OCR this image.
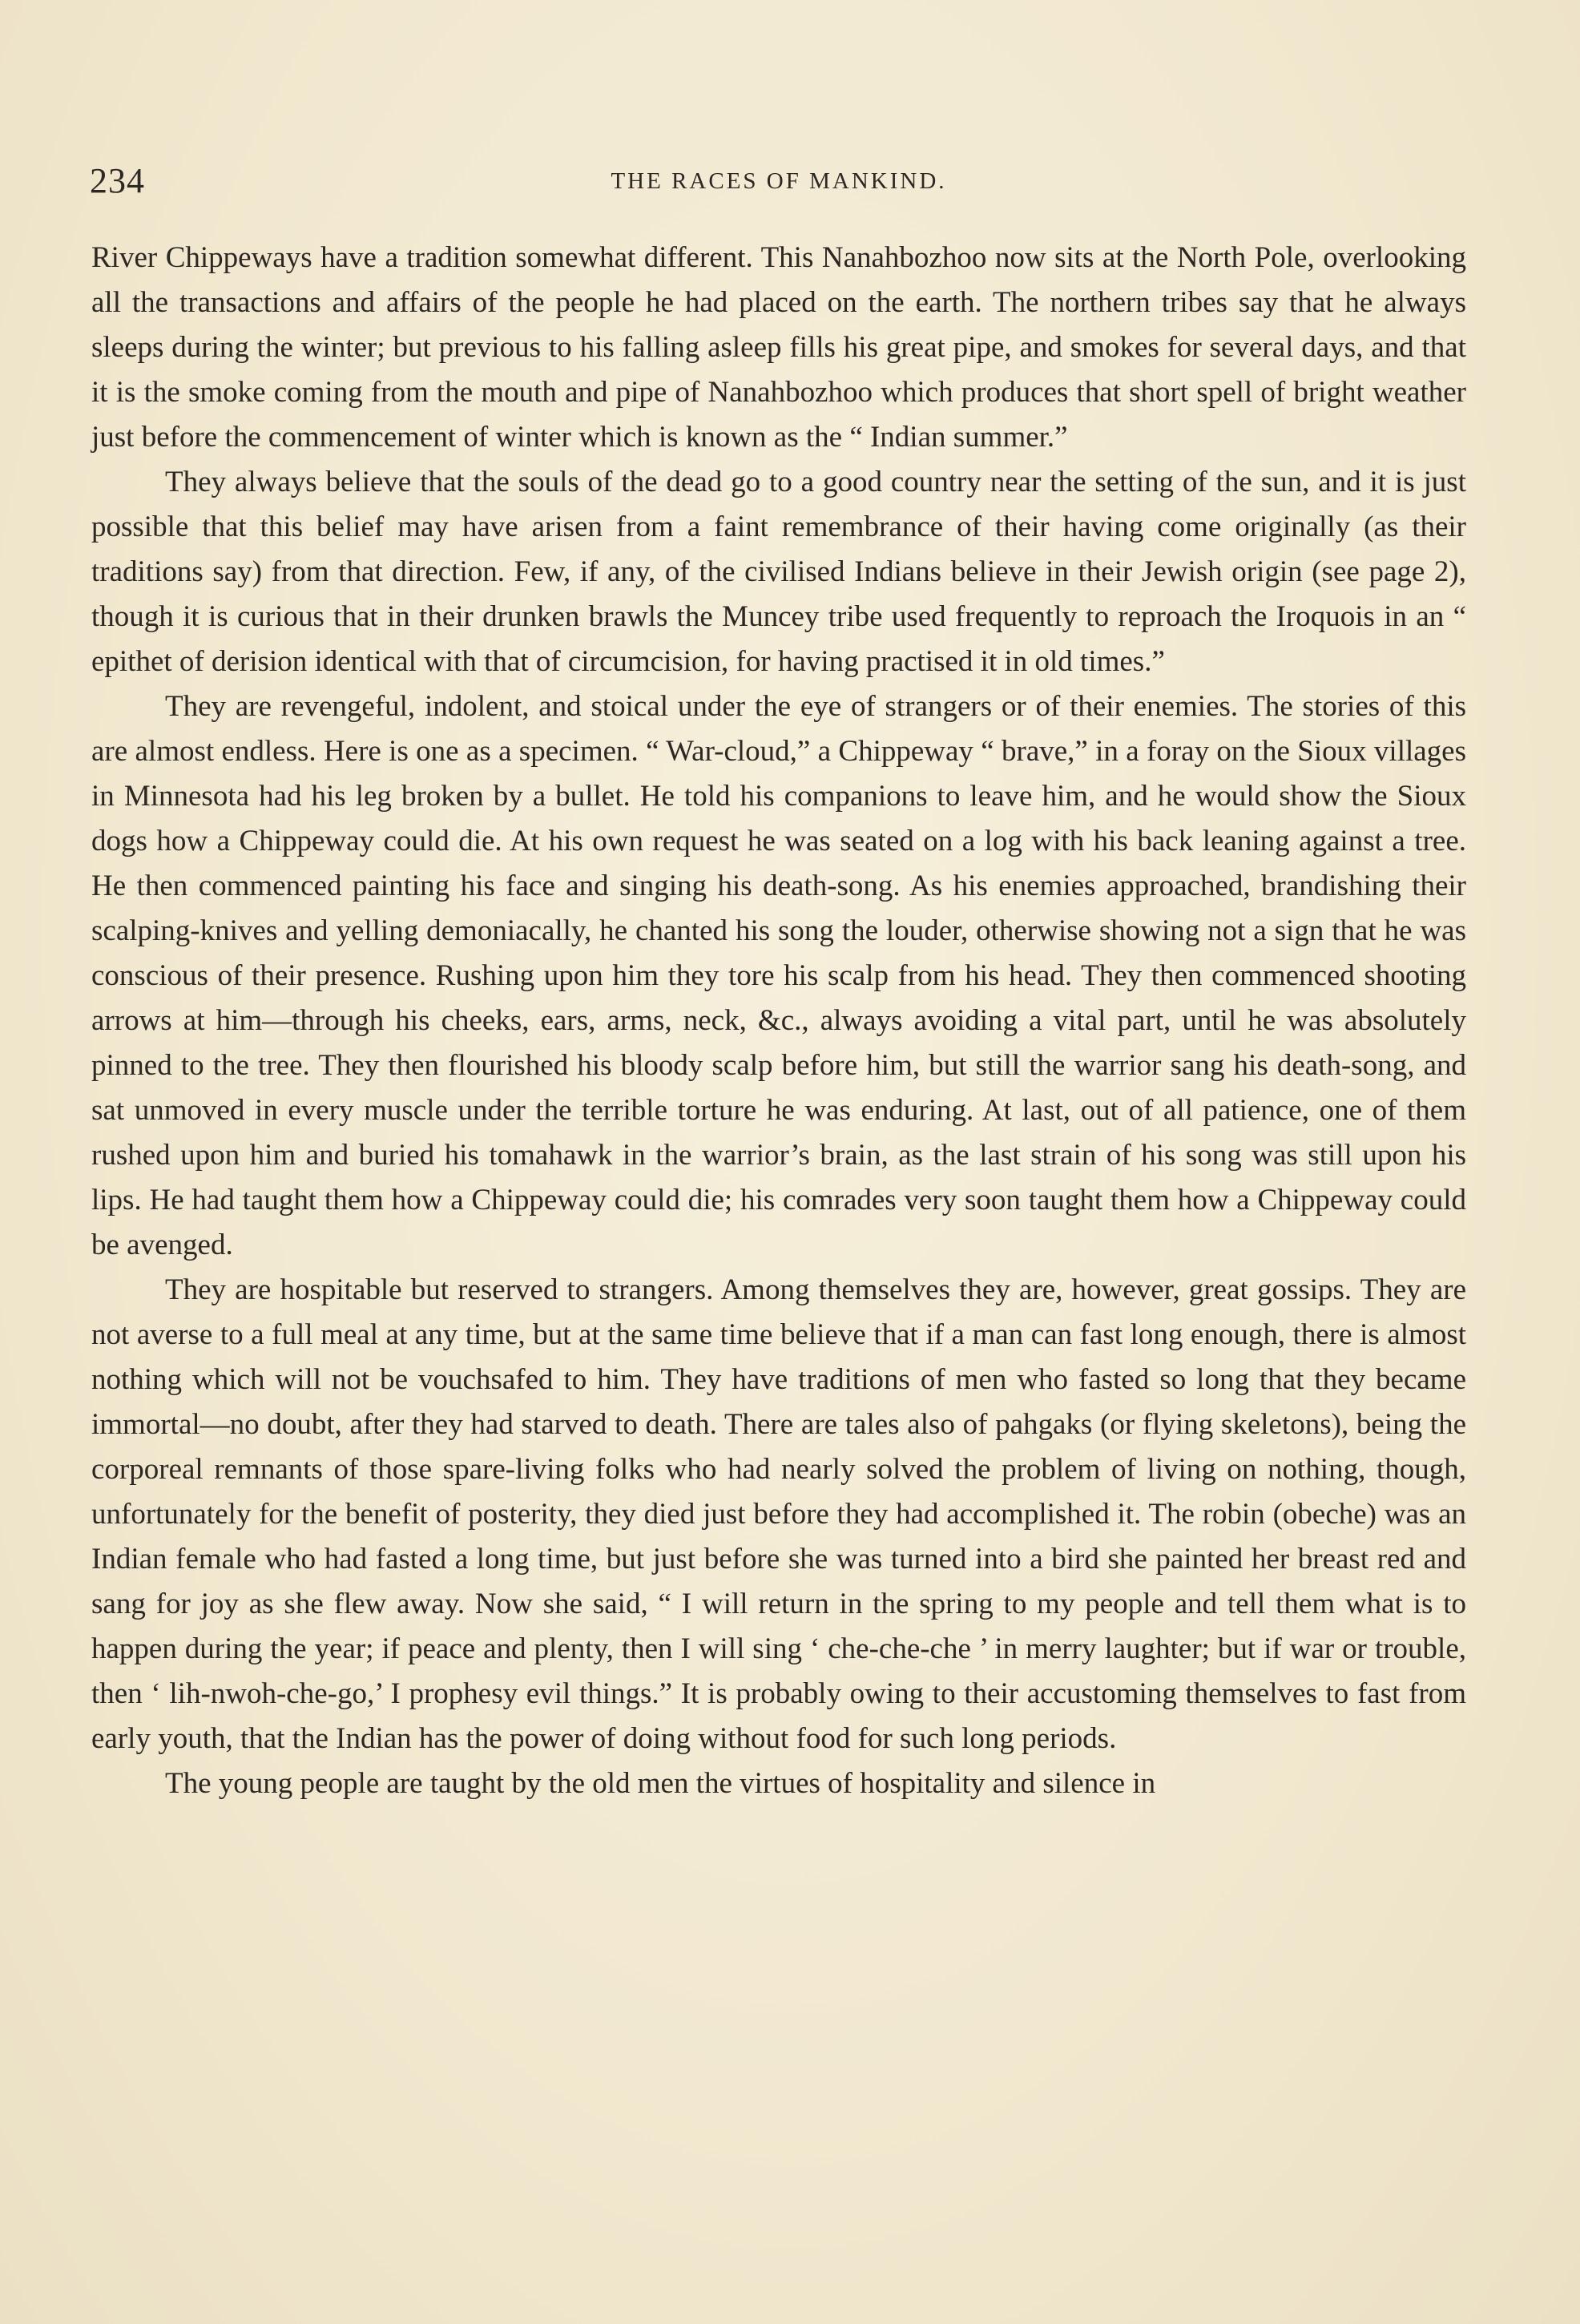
234	THE RACES OF MANKIND.

River Chippeways have a tradition somewhat different. This Nanahbozhoo now sits at the North Pole, overlooking all the transactions and affairs of the people he had placed on the earth. The northern tribes say that he always sleeps during the winter; but previous to his falling asleep fills his great pipe, and smokes for several days, and that it is the smoke coming from the mouth and pipe of Nanahbozhoo which produces that short spell of bright weather just before the commencement of winter which is known as the “ Indian summer.”

They always believe that the souls of the dead go to a good country near the setting of the sun, and it is just possible that this belief may have arisen from a faint remembrance of their having come originally (as their traditions say) from that direction. Few, if any, of the civilised Indians believe in their Jewish origin (see page 2), though it is curious that in their drunken brawls the Muncey tribe used frequently to reproach the Iroquois in an “ epithet of derision identical with that of circumcision, for having practised it in old times.”

They are revengeful, indolent, and stoical under the eye of strangers or of their enemies. The stories of this are almost endless. Here is one as a specimen. “ War-cloud,” a Chippeway “ brave,” in a foray on the Sioux villages in Minnesota had his leg broken by a bullet. He told his companions to leave him, and he would show the Sioux dogs how a Chippeway could die. At his own request he was seated on a log with his back leaning against a tree. He then commenced painting his face and singing his death-song. As his enemies approached, brandishing their scalping-knives and yelling demoniacally, he chanted his song the louder, otherwise showing not a sign that he was conscious of their presence. Rushing upon him they tore his scalp from his head. They then commenced shooting arrows at him—through his cheeks, ears, arms, neck, &c., always avoiding a vital part, until he was absolutely pinned to the tree. They then flourished his bloody scalp before him, but still the warrior sang his death-song, and sat unmoved in every muscle under the terrible torture he was enduring. At last, out of all patience, one of them rushed upon him and buried his tomahawk in the warrior’s brain, as the last strain of his song was still upon his lips. He had taught them how a Chippeway could die; his comrades very soon taught them how a Chippeway could be avenged.

They are hospitable but reserved to strangers. Among themselves they are, however, great gossips. They are not averse to a full meal at any time, but at the same time believe that if a man can fast long enough, there is almost nothing which will not be vouchsafed to him. They have traditions of men who fasted so long that they became immortal—no doubt, after they had starved to death. There are tales also of pahgaks (or flying skeletons), being the corporeal remnants of those spare-living folks who had nearly solved the problem of living on nothing, though, unfortunately for the benefit of posterity, they died just before they had accomplished it. The robin (obeche) was an Indian female who had fasted a long time, but just before she was turned into a bird she painted her breast red and sang for joy as she flew away. Now she said, “ I will return in the spring to my people and tell them what is to happen during the year; if peace and plenty, then I will sing ‘ che-che-che ’ in merry laughter; but if war or trouble, then ‘ lih-nwoh-che-go,’ I prophesy evil things.” It is probably owing to their accustoming themselves to fast from early youth, that the Indian has the power of doing without food for such long periods.

The young people are taught by the old men the virtues of hospitality and silence in
